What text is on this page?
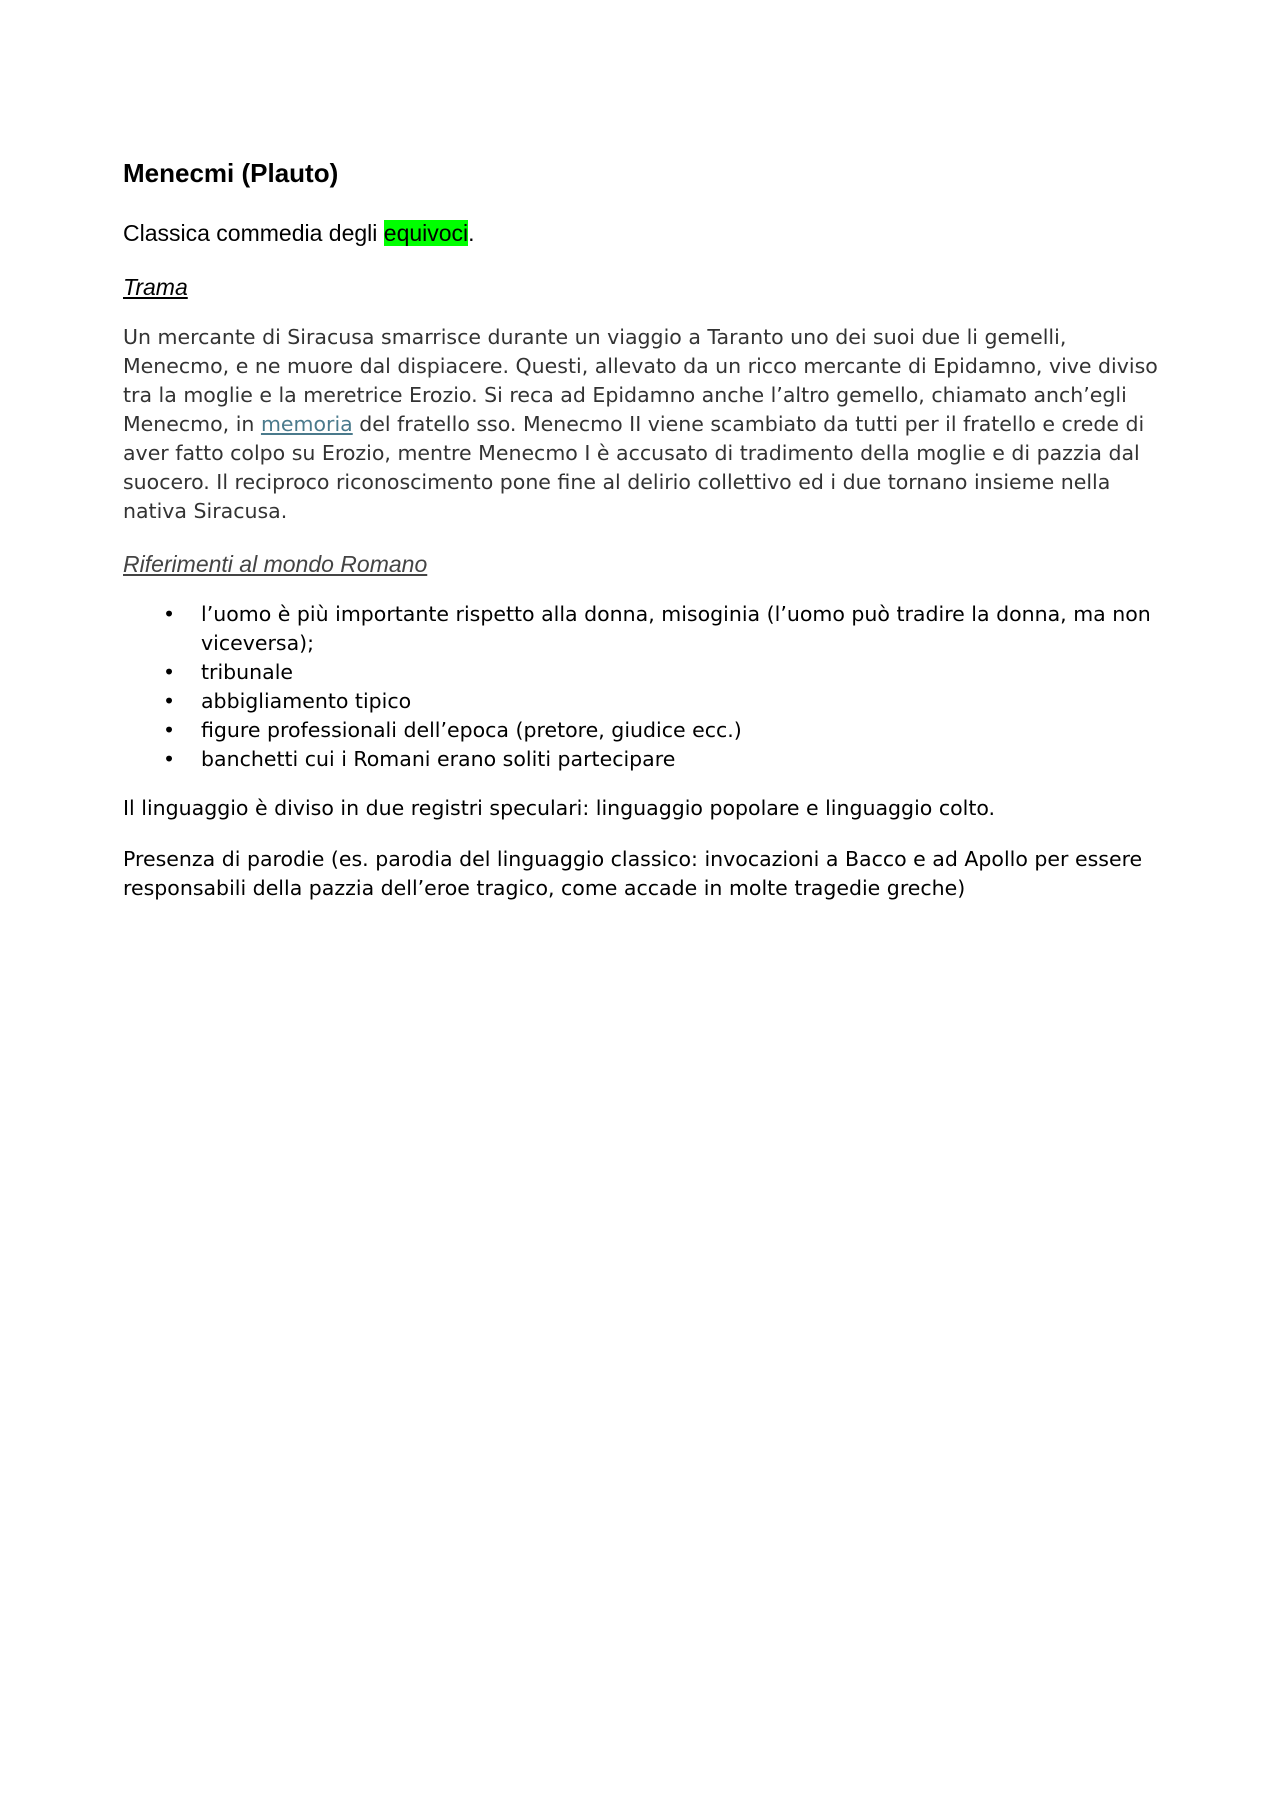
Menecmi (Plauto)

Classica commedia degli equivoci.

Trama

Un mercante di Siracusa smarrisce durante un viaggio a Taranto uno dei suoi due li gemelli, Menecmo, e ne muore dal dispiacere. Questi, allevato da un ricco mercante di Epidamno, vive diviso tra la moglie e la meretrice Erozio. Si reca ad Epidamno anche l’altro gemello, chiamato anch’egli Menecmo, in memoria del fratello sso. Menecmo II viene scambiato da tutti per il fratello e crede di aver fatto colpo su Erozio, mentre Menecmo I è accusato di tradimento della moglie e di pazzia dal suocero. Il reciproco riconoscimento pone fine al delirio collettivo ed i due tornano insieme nella nativa Siracusa.

Riferimenti al mondo Romano

• l’uomo è più importante rispetto alla donna, misoginia (l’uomo può tradire la donna, ma non viceversa);
• tribunale
• abbigliamento tipico
• figure professionali dell’epoca (pretore, giudice ecc.)
• banchetti cui i Romani erano soliti partecipare

Il linguaggio è diviso in due registri speculari: linguaggio popolare e linguaggio colto.

Presenza di parodie (es. parodia del linguaggio classico: invocazioni a Bacco e ad Apollo per essere responsabili della pazzia dell’eroe tragico, come accade in molte tragedie greche)
